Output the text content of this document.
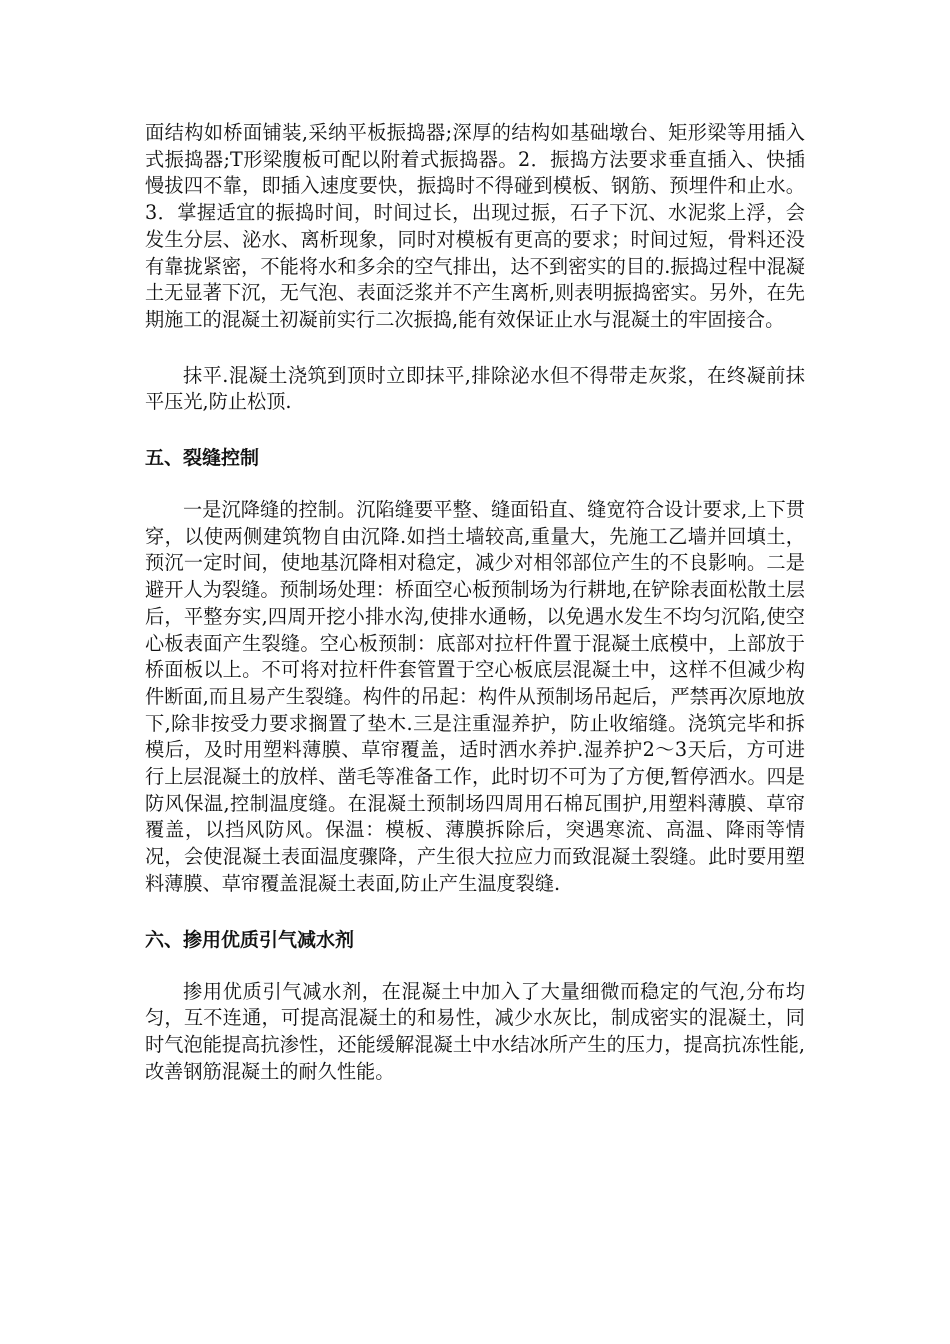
面结构如桥面铺装,采纳平板振捣器;深厚的结构如基础墩台、矩形梁等用插入式振捣器;T形梁腹板可配以附着式振捣器。2．振捣方法要求垂直插入、快插慢拔四不靠，即插入速度要快，振捣时不得碰到模板、钢筋、预埋件和止水。3．掌握适宜的振捣时间，时间过长，出现过振，石子下沉、水泥浆上浮，会发生分层、泌水、离析现象，同时对模板有更高的要求；时间过短，骨料还没有靠拢紧密，不能将水和多余的空气排出，达不到密实的目的.振捣过程中混凝土无显著下沉，无气泡、表面泛浆并不产生离析,则表明振捣密实。另外，在先期施工的混凝土初凝前实行二次振捣,能有效保证止水与混凝土的牢固接合。

抹平.混凝土浇筑到顶时立即抹平,排除泌水但不得带走灰浆，在终凝前抹平压光,防止松顶.

五、裂缝控制

一是沉降缝的控制。沉陷缝要平整、缝面铅直、缝宽符合设计要求,上下贯穿，以使两侧建筑物自由沉降.如挡土墙较高,重量大，先施工乙墙并回填土，预沉一定时间，使地基沉降相对稳定，减少对相邻部位产生的不良影响。二是避开人为裂缝。预制场处理：桥面空心板预制场为行耕地,在铲除表面松散土层后，平整夯实,四周开挖小排水沟,使排水通畅，以免遇水发生不均匀沉陷,使空心板表面产生裂缝。空心板预制：底部对拉杆件置于混凝土底模中，上部放于桥面板以上。不可将对拉杆件套管置于空心板底层混凝土中，这样不但减少构件断面,而且易产生裂缝。构件的吊起：构件从预制场吊起后，严禁再次原地放下,除非按受力要求搁置了垫木.三是注重湿养护，防止收缩缝。浇筑完毕和拆模后，及时用塑料薄膜、草帘覆盖，适时洒水养护.湿养护2～3天后，方可进行上层混凝土的放样、凿毛等准备工作，此时切不可为了方便,暂停洒水。四是防风保温,控制温度缝。在混凝土预制场四周用石棉瓦围护,用塑料薄膜、草帘覆盖，以挡风防风。保温：模板、薄膜拆除后，突遇寒流、高温、降雨等情况，会使混凝土表面温度骤降，产生很大拉应力而致混凝土裂缝。此时要用塑料薄膜、草帘覆盖混凝土表面,防止产生温度裂缝.

六、掺用优质引气减水剂

掺用优质引气减水剂，在混凝土中加入了大量细微而稳定的气泡,分布均匀，互不连通，可提高混凝土的和易性，减少水灰比，制成密实的混凝土，同时气泡能提高抗渗性，还能缓解混凝土中水结冰所产生的压力，提高抗冻性能,改善钢筋混凝土的耐久性能。
